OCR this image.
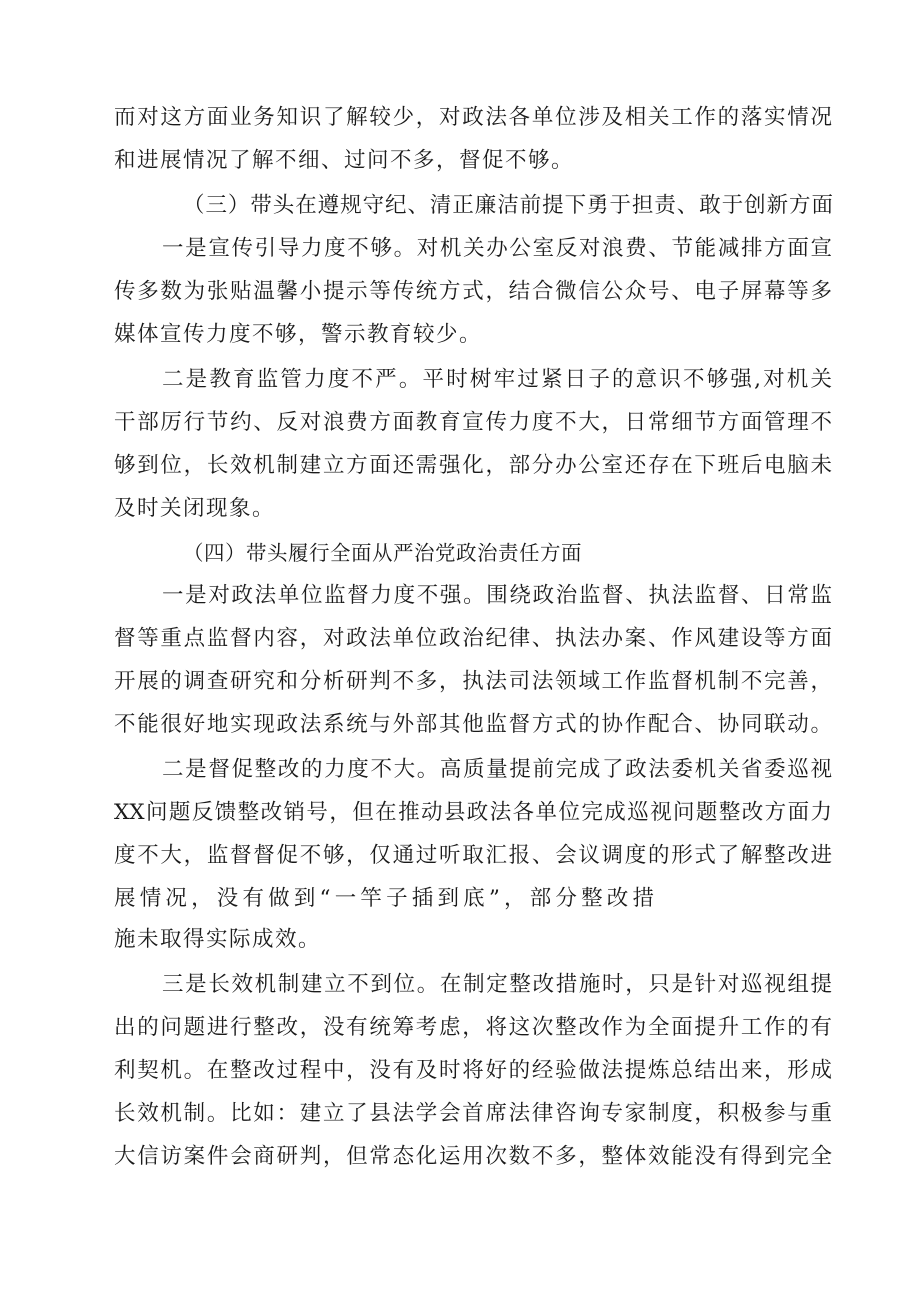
而对这方面业务知识了解较少，对政法各单位涉及相关工作的落实情况
和进展情况了解不细、过问不多，督促不够。
（三）带头在遵规守纪、清正廉洁前提下勇于担责、敢于创新方面
一是宣传引导力度不够。对机关办公室反对浪费、节能减排方面宣
传多数为张贴温馨小提示等传统方式，结合微信公众号、电子屏幕等多
媒体宣传力度不够，警示教育较少。
二是教育监管力度不严。平时树牢过紧日子的意识不够强,对机关
干部厉行节约、反对浪费方面教育宣传力度不大，日常细节方面管理不
够到位，长效机制建立方面还需强化，部分办公室还存在下班后电脑未
及时关闭现象。
（四）带头履行全面从严治党政治责任方面
一是对政法单位监督力度不强。围绕政治监督、执法监督、日常监
督等重点监督内容，对政法单位政治纪律、执法办案、作风建设等方面
开展的调查研究和分析研判不多，执法司法领域工作监督机制不完善，
不能很好地实现政法系统与外部其他监督方式的协作配合、协同联动。
二是督促整改的力度不大。高质量提前完成了政法委机关省委巡视
XX问题反馈整改销号，但在推动县政法各单位完成巡视问题整改方面力
度不大，监督督促不够，仅通过听取汇报、会议调度的形式了解整改进
展情况，没有做到“一竿子插到底”，部分整改措
施未取得实际成效。
三是长效机制建立不到位。在制定整改措施时，只是针对巡视组提
出的问题进行整改，没有统筹考虑，将这次整改作为全面提升工作的有
利契机。在整改过程中，没有及时将好的经验做法提炼总结出来，形成
长效机制。比如：建立了县法学会首席法律咨询专家制度，积极参与重
大信访案件会商研判，但常态化运用次数不多，整体效能没有得到完全
